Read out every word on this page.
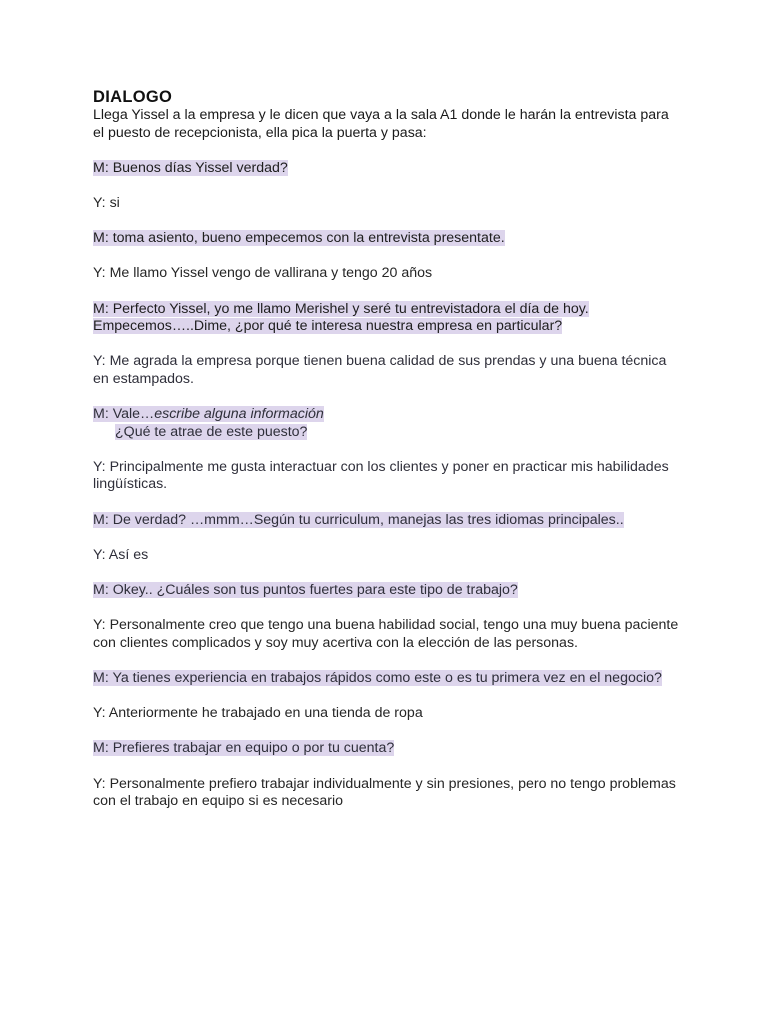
DIALOGO

Llega Yissel a la empresa y le dicen que vaya a la sala A1 donde le harán la entrevista para el puesto de recepcionista, ella pica la puerta y pasa:

M: Buenos días Yissel verdad?

Y: si

M: toma asiento, bueno empecemos con la entrevista presentate.

Y: Me llamo Yissel vengo de vallirana y tengo 20 años

M: Perfecto Yissel, yo me llamo Merishel y seré tu entrevistadora el día de hoy.
Empecemos…..Dime, ¿por qué te interesa nuestra empresa en particular?

Y: Me agrada la empresa porque tienen buena calidad de sus prendas y una buena técnica en estampados.

M: Vale…escribe alguna información
¿Qué te atrae de este puesto?

Y: Principalmente me gusta interactuar con los clientes y poner en practicar mis habilidades lingüísticas.

M: De verdad? …mmm…Según tu curriculum, manejas las tres idiomas principales..

Y: Así es

M: Okey.. ¿Cuáles son tus puntos fuertes para este tipo de trabajo?

Y: Personalmente creo que tengo una buena habilidad social, tengo una muy buena paciente con clientes complicados y soy muy acertiva con la elección de las personas.

M: Ya tienes experiencia en trabajos rápidos como este o es tu primera vez en el negocio?

Y: Anteriormente he trabajado en una tienda de ropa

M: Prefieres trabajar en equipo o por tu cuenta?

Y: Personalmente prefiero trabajar individualmente y sin presiones, pero no tengo problemas con el trabajo en equipo si es necesario
